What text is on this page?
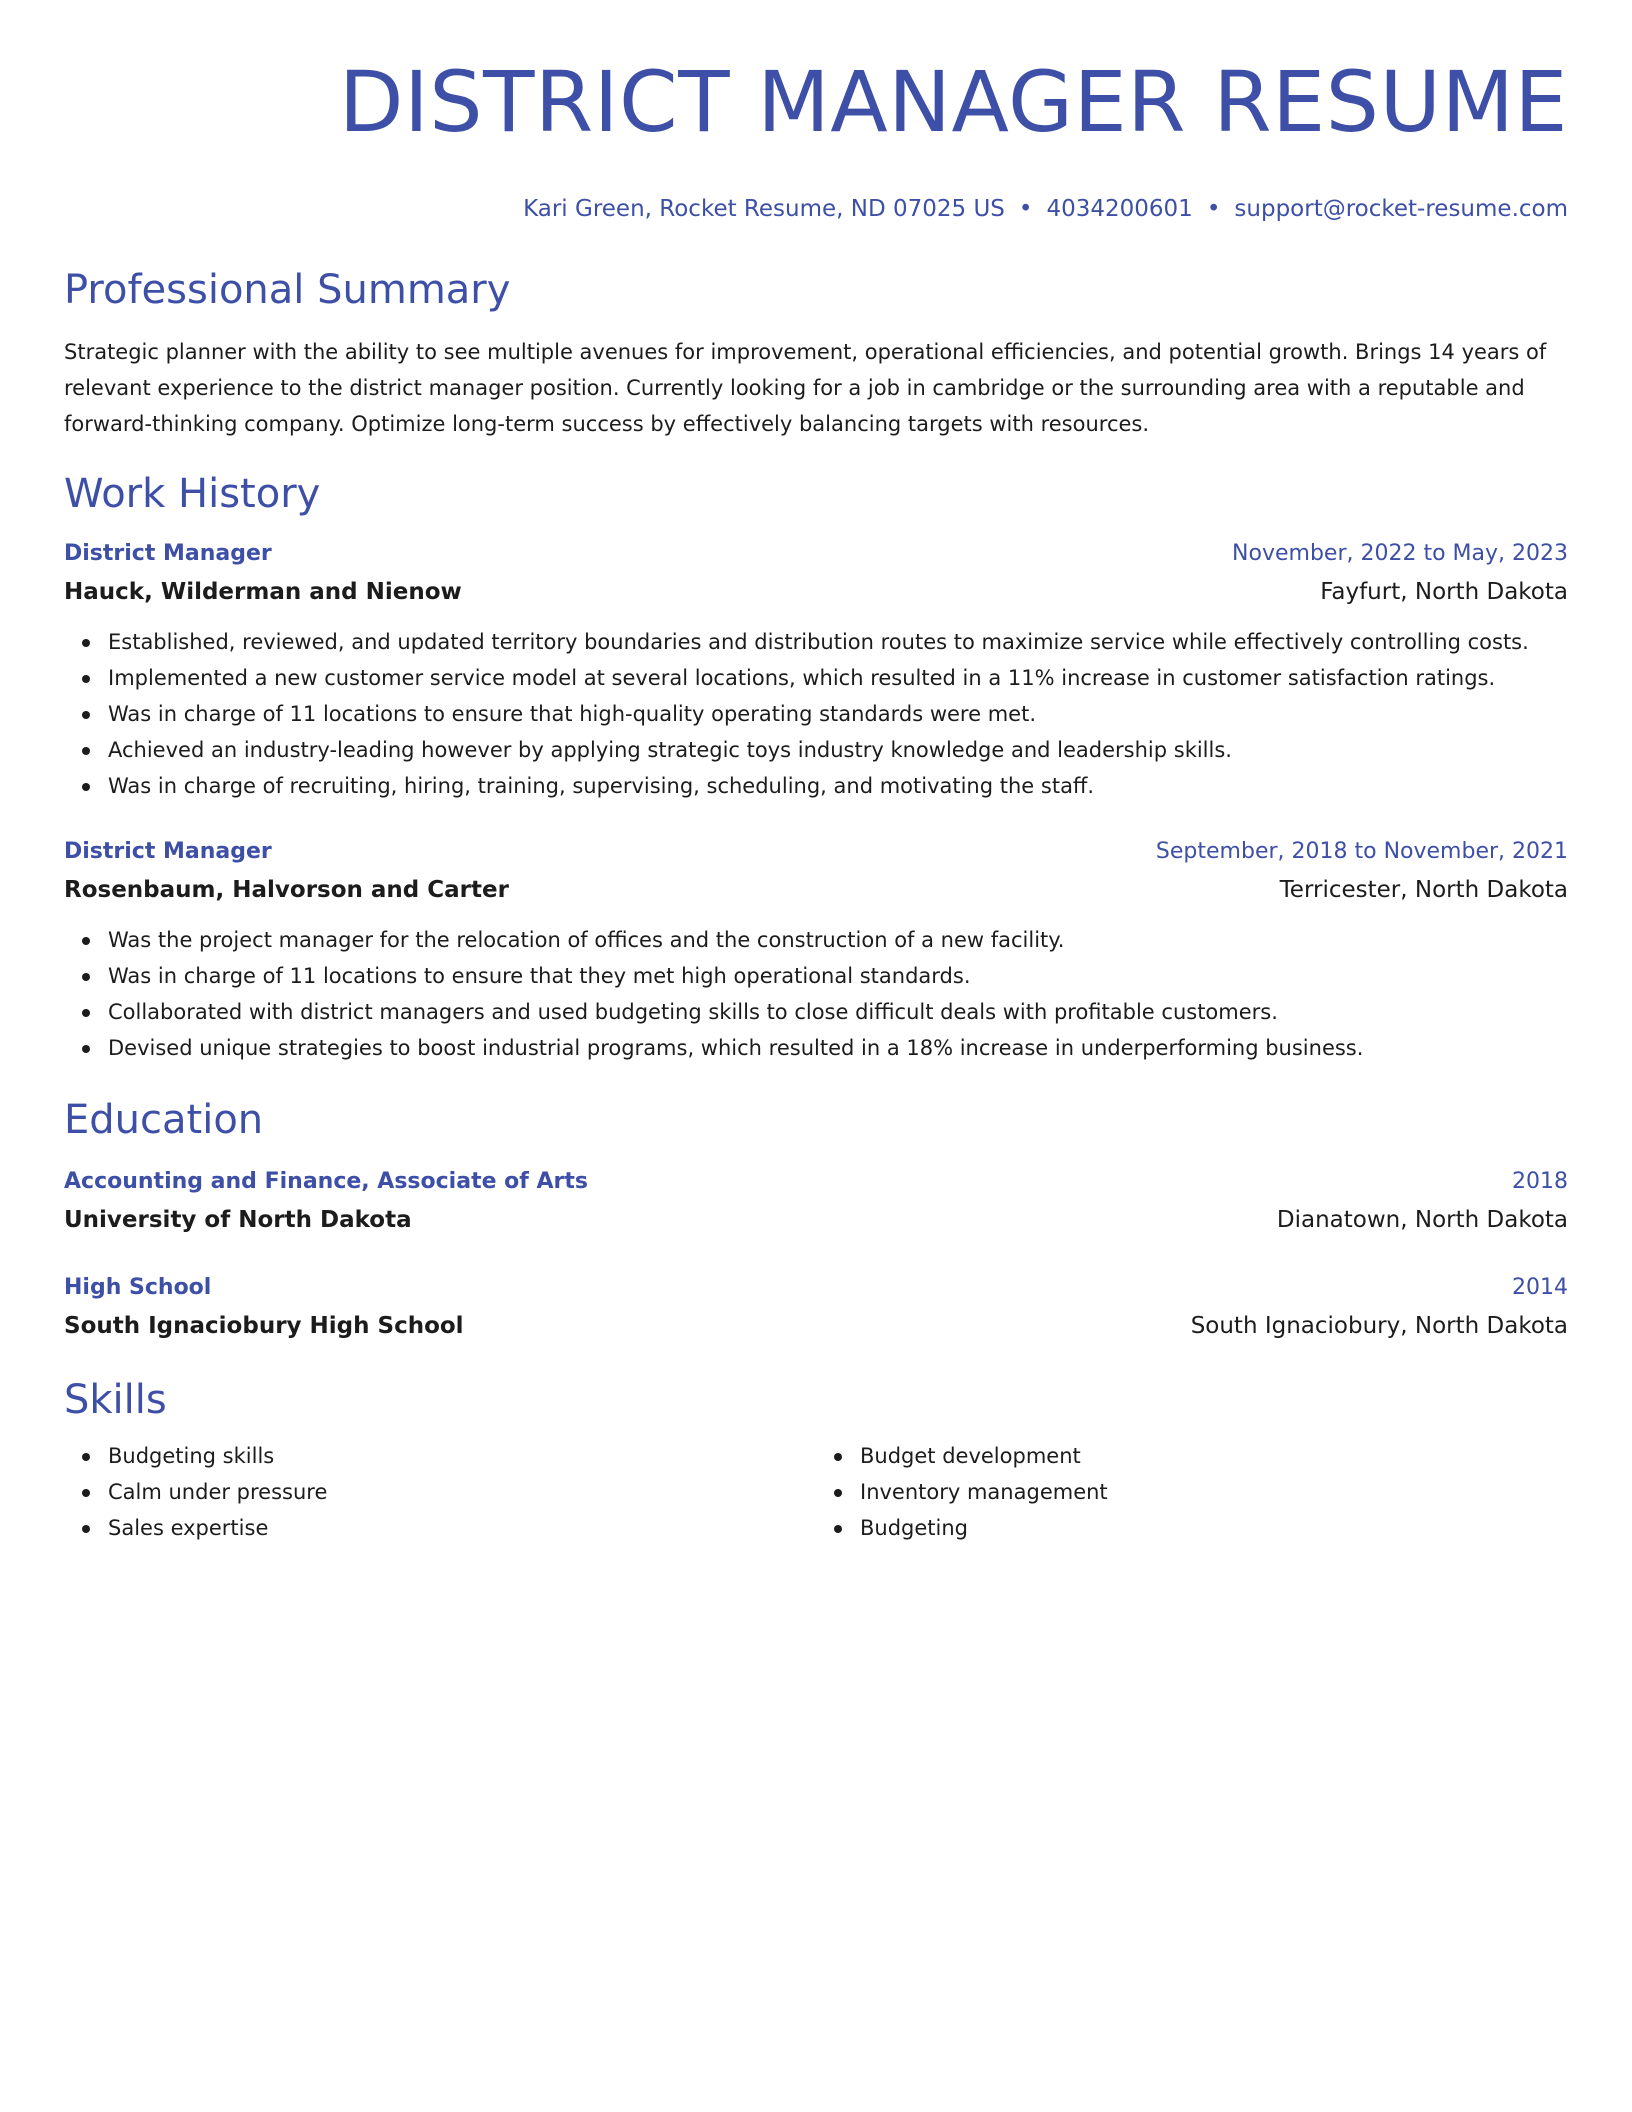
DISTRICT MANAGER RESUME
Kari Green, Rocket Resume, ND 07025 US • 4034200601 • support@rocket-resume.com
Professional Summary
Strategic planner with the ability to see multiple avenues for improvement, operational efficiencies, and potential growth. Brings 14 years of relevant experience to the district manager position. Currently looking for a job in cambridge or the surrounding area with a reputable and forward-thinking company. Optimize long-term success by effectively balancing targets with resources.
Work History
District Manager	November, 2022 to May, 2023
Hauck, Wilderman and Nienow	Fayfurt, North Dakota
Established, reviewed, and updated territory boundaries and distribution routes to maximize service while effectively controlling costs.
Implemented a new customer service model at several locations, which resulted in a 11% increase in customer satisfaction ratings.
Was in charge of 11 locations to ensure that high-quality operating standards were met.
Achieved an industry-leading however by applying strategic toys industry knowledge and leadership skills.
Was in charge of recruiting, hiring, training, supervising, scheduling, and motivating the staff.
District Manager	September, 2018 to November, 2021
Rosenbaum, Halvorson and Carter	Terricester, North Dakota
Was the project manager for the relocation of offices and the construction of a new facility.
Was in charge of 11 locations to ensure that they met high operational standards.
Collaborated with district managers and used budgeting skills to close difficult deals with profitable customers.
Devised unique strategies to boost industrial programs, which resulted in a 18% increase in underperforming business.
Education
Accounting and Finance, Associate of Arts	2018
University of North Dakota	Dianatown, North Dakota
High School	2014
South Ignaciobury High School	South Ignaciobury, North Dakota
Skills
Budgeting skills
Calm under pressure
Sales expertise
Budget development
Inventory management
Budgeting
